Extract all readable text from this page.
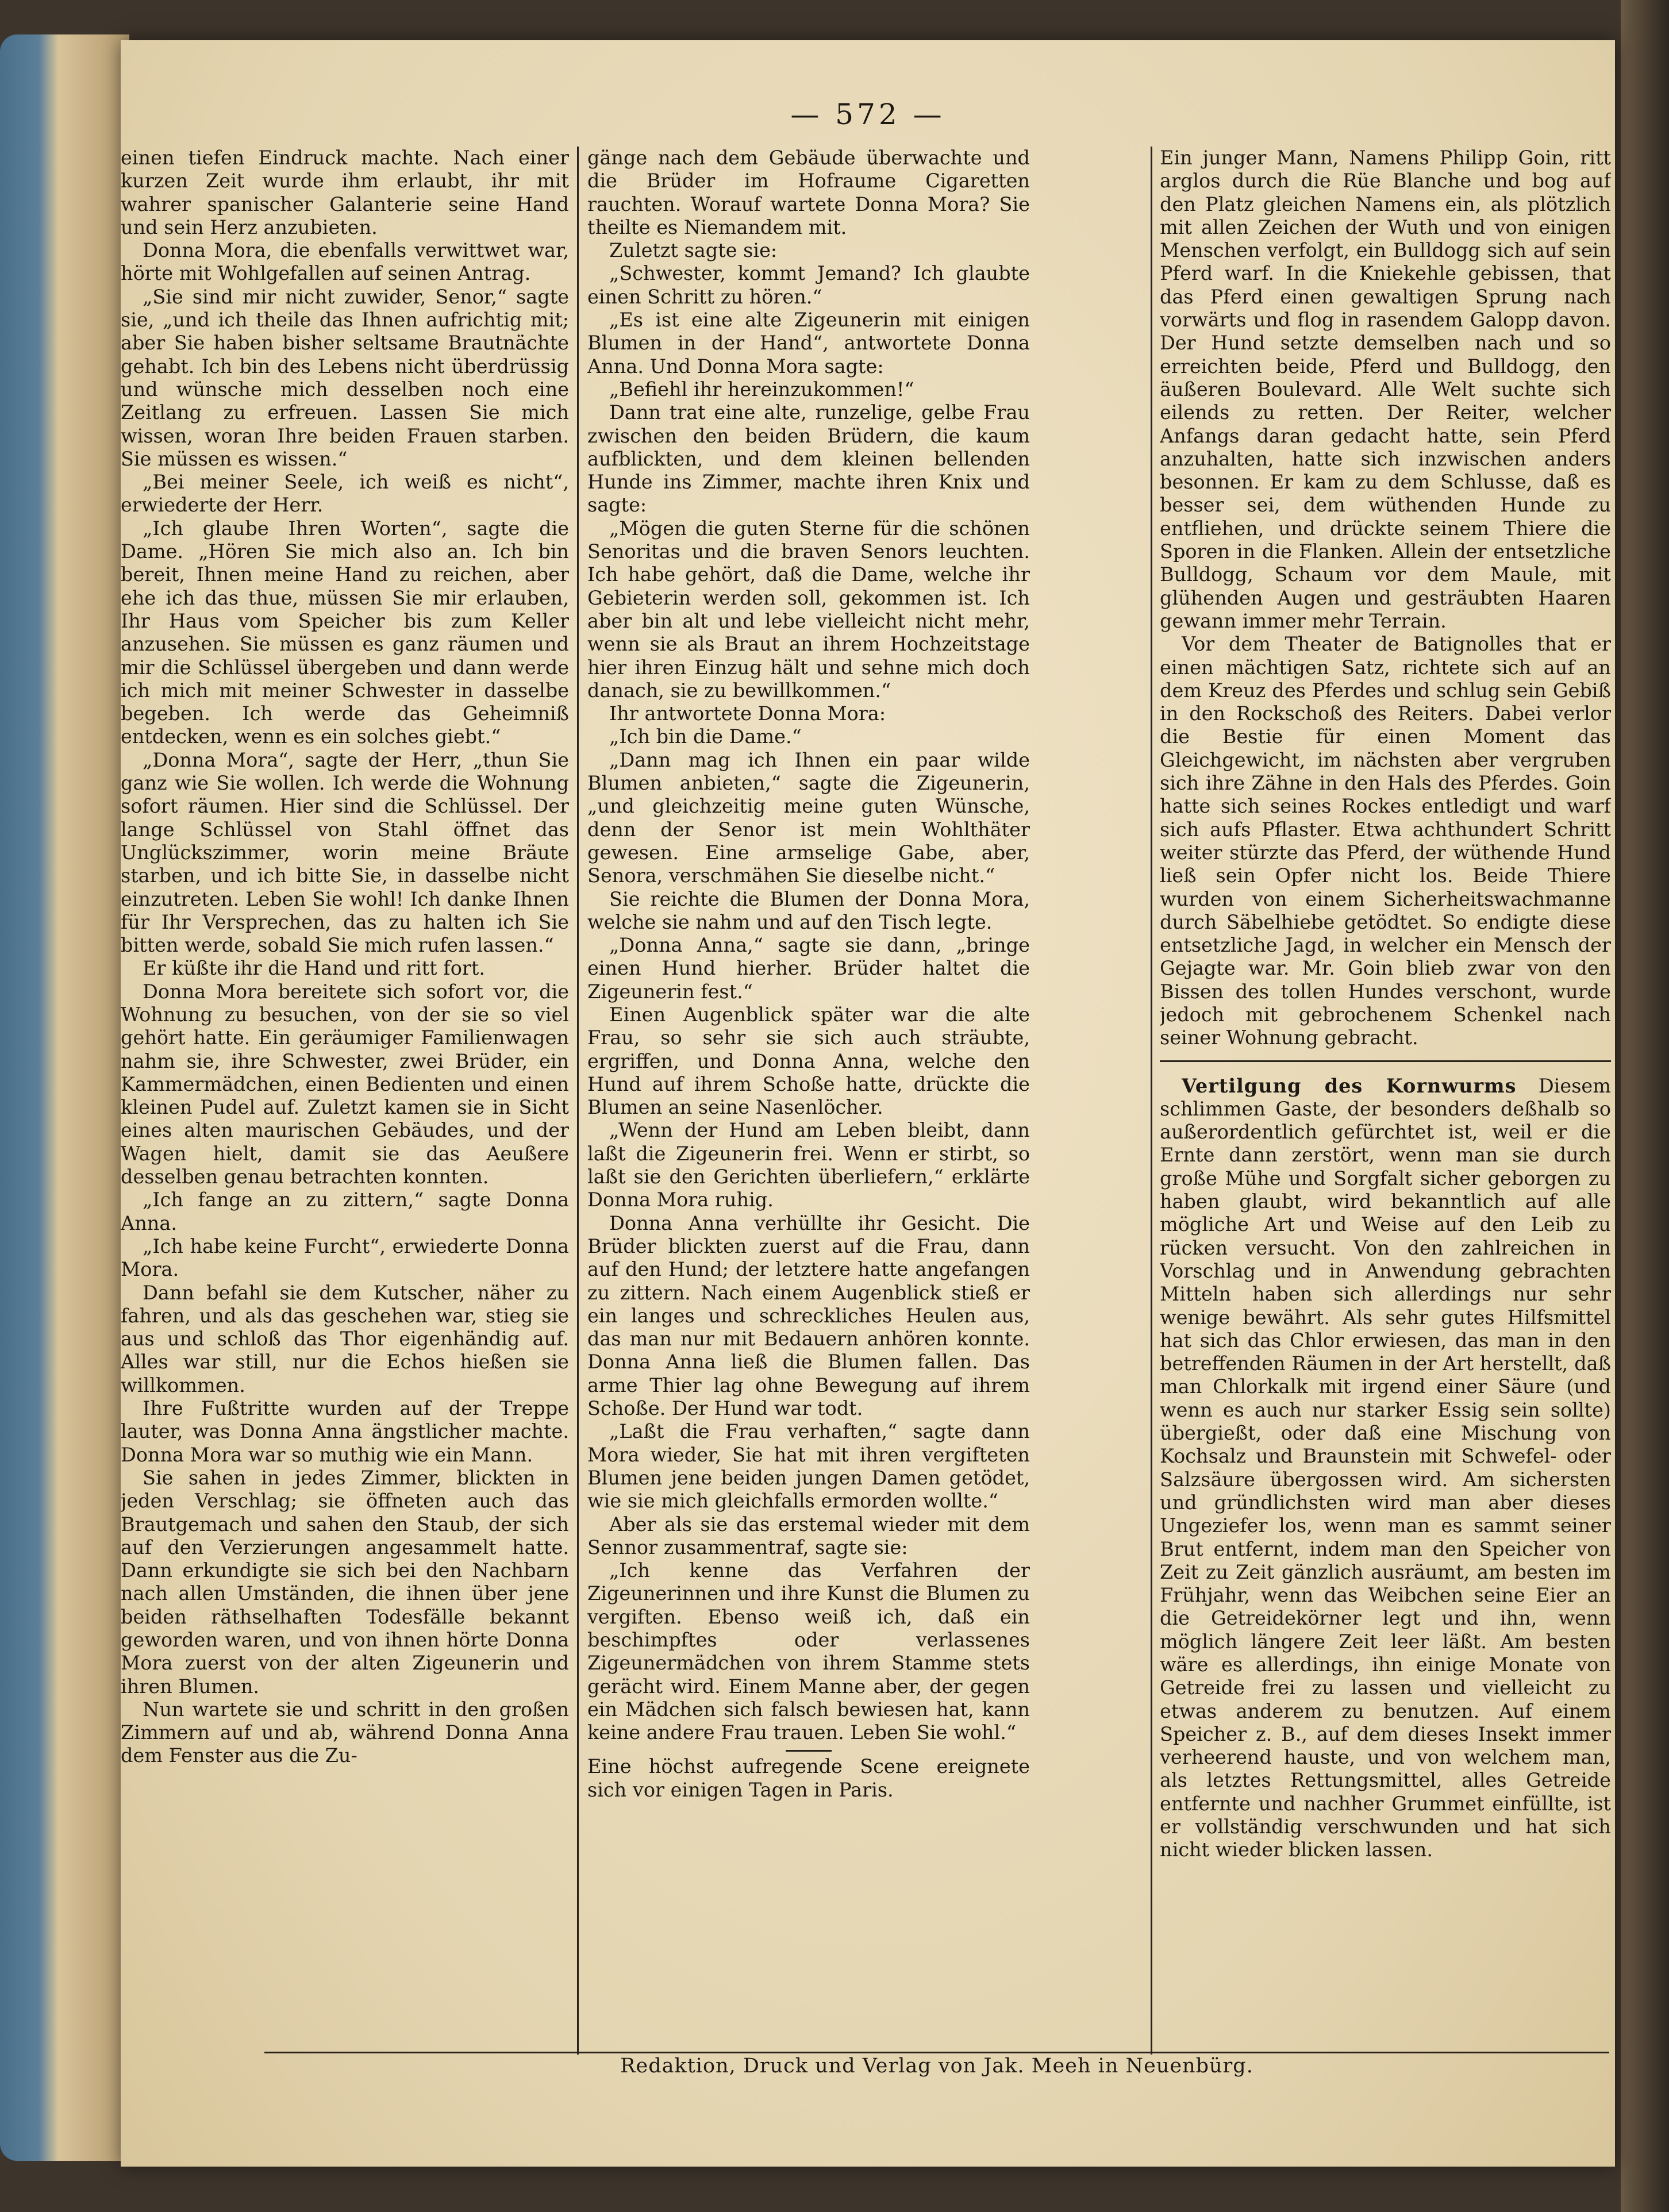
— 572 —

einen tiefen Eindruck machte. Nach einer kurzen Zeit wurde ihm erlaubt, ihr mit wahrer spanischer Galanterie seine Hand und sein Herz anzubieten.

Donna Mora, die ebenfalls verwittwet war, hörte mit Wohlgefallen auf seinen Antrag.

„Sie sind mir nicht zuwider, Senor,“ sagte sie, „und ich theile das Ihnen aufrichtig mit; aber Sie haben bisher seltsame Brautnächte gehabt. Ich bin des Lebens nicht überdrüssig und wünsche mich desselben noch eine Zeitlang zu erfreuen. Lassen Sie mich wissen, woran Ihre beiden Frauen starben. Sie müssen es wissen.“

„Bei meiner Seele, ich weiß es nicht“, erwiederte der Herr.

„Ich glaube Ihren Worten“, sagte die Dame. „Hören Sie mich also an. Ich bin bereit, Ihnen meine Hand zu reichen, aber ehe ich das thue, müssen Sie mir erlauben, Ihr Haus vom Speicher bis zum Keller anzusehen. Sie müssen es ganz räumen und mir die Schlüssel übergeben und dann werde ich mich mit meiner Schwester in dasselbe begeben. Ich werde das Geheimniß entdecken, wenn es ein solches giebt.“

„Donna Mora“, sagte der Herr, „thun Sie ganz wie Sie wollen. Ich werde die Wohnung sofort räumen. Hier sind die Schlüssel. Der lange Schlüssel von Stahl öffnet das Unglückszimmer, worin meine Bräute starben, und ich bitte Sie, in dasselbe nicht einzutreten. Leben Sie wohl! Ich danke Ihnen für Ihr Versprechen, das zu halten ich Sie bitten werde, sobald Sie mich rufen lassen.“

Er küßte ihr die Hand und ritt fort.

Donna Mora bereitete sich sofort vor, die Wohnung zu besuchen, von der sie so viel gehört hatte. Ein geräumiger Familienwagen nahm sie, ihre Schwester, zwei Brüder, ein Kammermädchen, einen Bedienten und einen kleinen Pudel auf. Zuletzt kamen sie in Sicht eines alten maurischen Gebäudes, und der Wagen hielt, damit sie das Aeußere desselben genau betrachten konnten.

„Ich fange an zu zittern,“ sagte Donna Anna.

„Ich habe keine Furcht“, erwiederte Donna Mora.

Dann befahl sie dem Kutscher, näher zu fahren, und als das geschehen war, stieg sie aus und schloß das Thor eigenhändig auf. Alles war still, nur die Echos hießen sie willkommen.

Ihre Fußtritte wurden auf der Treppe lauter, was Donna Anna ängstlicher machte. Donna Mora war so muthig wie ein Mann.

Sie sahen in jedes Zimmer, blickten in jeden Verschlag; sie öffneten auch das Brautgemach und sahen den Staub, der sich auf den Verzierungen angesammelt hatte. Dann erkundigte sie sich bei den Nachbarn nach allen Umständen, die ihnen über jene beiden räthselhaften Todesfälle bekannt geworden waren, und von ihnen hörte Donna Mora zuerst von der alten Zigeunerin und ihren Blumen.

Nun wartete sie und schritt in den großen Zimmern auf und ab, während Donna Anna dem Fenster aus die Zu-

gänge nach dem Gebäude überwachte und die Brüder im Hofraume Cigaretten rauchten. Worauf wartete Donna Mora? Sie theilte es Niemandem mit.

Zuletzt sagte sie:

„Schwester, kommt Jemand? Ich glaubte einen Schritt zu hören.“

„Es ist eine alte Zigeunerin mit einigen Blumen in der Hand“, antwortete Donna Anna. Und Donna Mora sagte:

„Befiehl ihr hereinzukommen!“

Dann trat eine alte, runzelige, gelbe Frau zwischen den beiden Brüdern, die kaum aufblickten, und dem kleinen bellenden Hunde ins Zimmer, machte ihren Knix und sagte:

„Mögen die guten Sterne für die schönen Senoritas und die braven Senors leuchten. Ich habe gehört, daß die Dame, welche ihr Gebieterin werden soll, gekommen ist. Ich aber bin alt und lebe vielleicht nicht mehr, wenn sie als Braut an ihrem Hochzeitstage hier ihren Einzug hält und sehne mich doch danach, sie zu bewillkommen.“

Ihr antwortete Donna Mora:

„Ich bin die Dame.“

„Dann mag ich Ihnen ein paar wilde Blumen anbieten,“ sagte die Zigeunerin, „und gleichzeitig meine guten Wünsche, denn der Senor ist mein Wohlthäter gewesen. Eine armselige Gabe, aber, Senora, verschmähen Sie dieselbe nicht.“

Sie reichte die Blumen der Donna Mora, welche sie nahm und auf den Tisch legte.

„Donna Anna,“ sagte sie dann, „bringe einen Hund hierher. Brüder haltet die Zigeunerin fest.“

Einen Augenblick später war die alte Frau, so sehr sie sich auch sträubte, ergriffen, und Donna Anna, welche den Hund auf ihrem Schoße hatte, drückte die Blumen an seine Nasenlöcher.

„Wenn der Hund am Leben bleibt, dann laßt die Zigeunerin frei. Wenn er stirbt, so laßt sie den Gerichten überliefern,“ erklärte Donna Mora ruhig.

Donna Anna verhüllte ihr Gesicht. Die Brüder blickten zuerst auf die Frau, dann auf den Hund; der letztere hatte angefangen zu zittern. Nach einem Augenblick stieß er ein langes und schreckliches Heulen aus, das man nur mit Bedauern anhören konnte. Donna Anna ließ die Blumen fallen. Das arme Thier lag ohne Bewegung auf ihrem Schoße. Der Hund war todt.

„Laßt die Frau verhaften,“ sagte dann Mora wieder, Sie hat mit ihren vergifteten Blumen jene beiden jungen Damen getödet, wie sie mich gleichfalls ermorden wollte.“

Aber als sie das erstemal wieder mit dem Sennor zusammentraf, sagte sie:

„Ich kenne das Verfahren der Zigeunerinnen und ihre Kunst die Blumen zu vergiften. Ebenso weiß ich, daß ein beschimpftes oder verlassenes Zigeunermädchen von ihrem Stamme stets gerächt wird. Einem Manne aber, der gegen ein Mädchen sich falsch bewiesen hat, kann keine andere Frau trauen. Leben Sie wohl.“

Eine höchst aufregende Scene ereignete sich vor einigen Tagen in Paris.

Ein junger Mann, Namens Philipp Goin, ritt arglos durch die Rüe Blanche und bog auf den Platz gleichen Namens ein, als plötzlich mit allen Zeichen der Wuth und von einigen Menschen verfolgt, ein Bulldogg sich auf sein Pferd warf. In die Kniekehle gebissen, that das Pferd einen gewaltigen Sprung nach vorwärts und flog in rasendem Galopp davon. Der Hund setzte demselben nach und so erreichten beide, Pferd und Bulldogg, den äußeren Boulevard. Alle Welt suchte sich eilends zu retten. Der Reiter, welcher Anfangs daran gedacht hatte, sein Pferd anzuhalten, hatte sich inzwischen anders besonnen. Er kam zu dem Schlusse, daß es besser sei, dem wüthenden Hunde zu entfliehen, und drückte seinem Thiere die Sporen in die Flanken. Allein der entsetzliche Bulldogg, Schaum vor dem Maule, mit glühenden Augen und gesträubten Haaren gewann immer mehr Terrain.

Vor dem Theater de Batignolles that er einen mächtigen Satz, richtete sich auf an dem Kreuz des Pferdes und schlug sein Gebiß in den Rockschoß des Reiters. Dabei verlor die Bestie für einen Moment das Gleichgewicht, im nächsten aber vergruben sich ihre Zähne in den Hals des Pferdes. Goin hatte sich seines Rockes entledigt und warf sich aufs Pflaster. Etwa achthundert Schritt weiter stürzte das Pferd, der wüthende Hund ließ sein Opfer nicht los. Beide Thiere wurden von einem Sicherheitswachmanne durch Säbelhiebe getödtet. So endigte diese entsetzliche Jagd, in welcher ein Mensch der Gejagte war. Mr. Goin blieb zwar von den Bissen des tollen Hundes verschont, wurde jedoch mit gebrochenem Schenkel nach seiner Wohnung gebracht.

Vertilgung des Kornwurms Diesem schlimmen Gaste, der besonders deßhalb so außerordentlich gefürchtet ist, weil er die Ernte dann zerstört, wenn man sie durch große Mühe und Sorgfalt sicher geborgen zu haben glaubt, wird bekanntlich auf alle mögliche Art und Weise auf den Leib zu rücken versucht. Von den zahlreichen in Vorschlag und in Anwendung gebrachten Mitteln haben sich allerdings nur sehr wenige bewährt. Als sehr gutes Hilfsmittel hat sich das Chlor erwiesen, das man in den betreffenden Räumen in der Art herstellt, daß man Chlorkalk mit irgend einer Säure (und wenn es auch nur starker Essig sein sollte) übergießt, oder daß eine Mischung von Kochsalz und Braunstein mit Schwefel- oder Salzsäure übergossen wird. Am sichersten und gründlichsten wird man aber dieses Ungeziefer los, wenn man es sammt seiner Brut entfernt, indem man den Speicher von Zeit zu Zeit gänzlich ausräumt, am besten im Frühjahr, wenn das Weibchen seine Eier an die Getreidekörner legt und ihn, wenn möglich längere Zeit leer läßt. Am besten wäre es allerdings, ihn einige Monate von Getreide frei zu lassen und vielleicht zu etwas anderem zu benutzen. Auf einem Speicher z. B., auf dem dieses Insekt immer verheerend hauste, und von welchem man, als letztes Rettungsmittel, alles Getreide entfernte und nachher Grummet einfüllte, ist er vollständig verschwunden und hat sich nicht wieder blicken lassen.

Redaktion, Druck und Verlag von Jak. Meeh in Neuenbürg.
